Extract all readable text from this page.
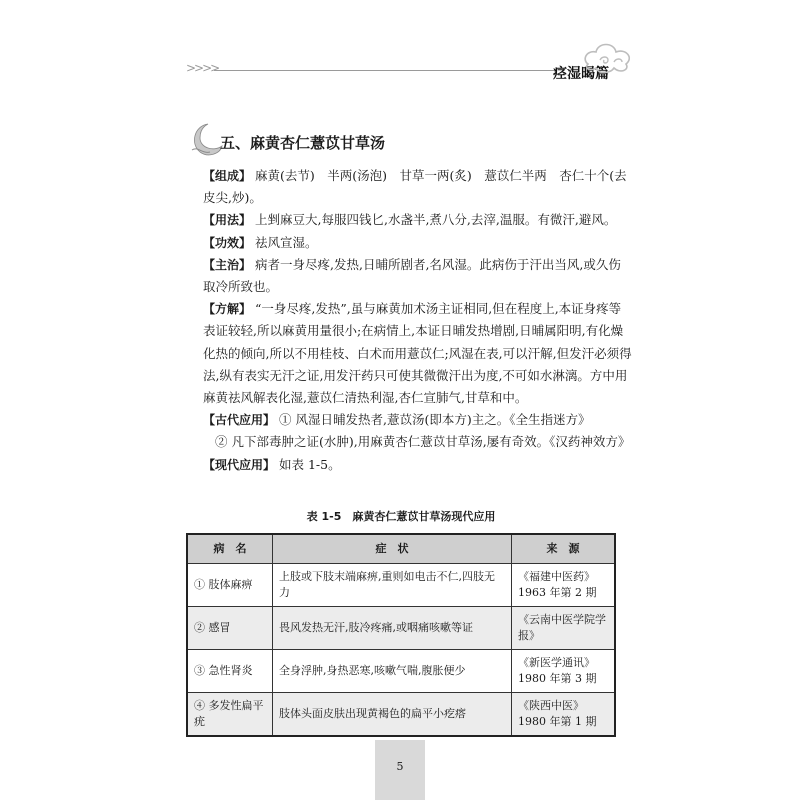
>>>>	痉湿暍篇
五、麻黄杏仁薏苡甘草汤

【组成】 麻黄(去节)　半两(汤泡)　甘草一两(炙)　薏苡仁半两　杏仁十个(去皮尖,炒)。

【用法】 上剉麻豆大,每服四钱匕,水盏半,煮八分,去滓,温服。有微汗,避风。

【功效】 祛风宣湿。

【主治】 病者一身尽疼,发热,日晡所剧者,名风湿。此病伤于汗出当风,或久伤取冷所致也。

【方解】 “一身尽疼,发热”,虽与麻黄加术汤主证相同,但在程度上,本证身疼等表证较轻,所以麻黄用量很小;在病情上,本证日晡发热增剧,日晡属阳明,有化燥化热的倾向,所以不用桂枝、白术而用薏苡仁;风湿在表,可以汗解,但发汗必须得法,纵有表实无汗之证,用发汗药只可使其微微汗出为度,不可如水淋漓。方中用麻黄祛风解表化湿,薏苡仁清热利湿,杏仁宣肺气,甘草和中。

【古代应用】 ① 风湿日晡发热者,薏苡汤(即本方)主之。《全生指迷方》

② 凡下部毒肿之证(水肿),用麻黄杏仁薏苡甘草汤,屡有奇效。《汉药神效方》

【现代应用】 如表 1-5。

表 1-5　麻黄杏仁薏苡甘草汤现代应用
病　名	症　状	来　源
① 肢体麻痹	上肢或下肢末端麻痹,重则如电击不仁,四肢无力	《福建中医药》1963 年第 2 期
② 感冒	畏风发热无汗,肢冷疼痛,或咽痛咳嗽等证	《云南中医学院学报》
③ 急性肾炎	全身浮肿,身热恶寒,咳嗽气喘,腹胀便少	《新医学通讯》1980 年第 3 期
④ 多发性扁平疣	肢体头面皮肤出现黄褐色的扁平小疙瘩	《陕西中医》1980 年第 1 期
5
